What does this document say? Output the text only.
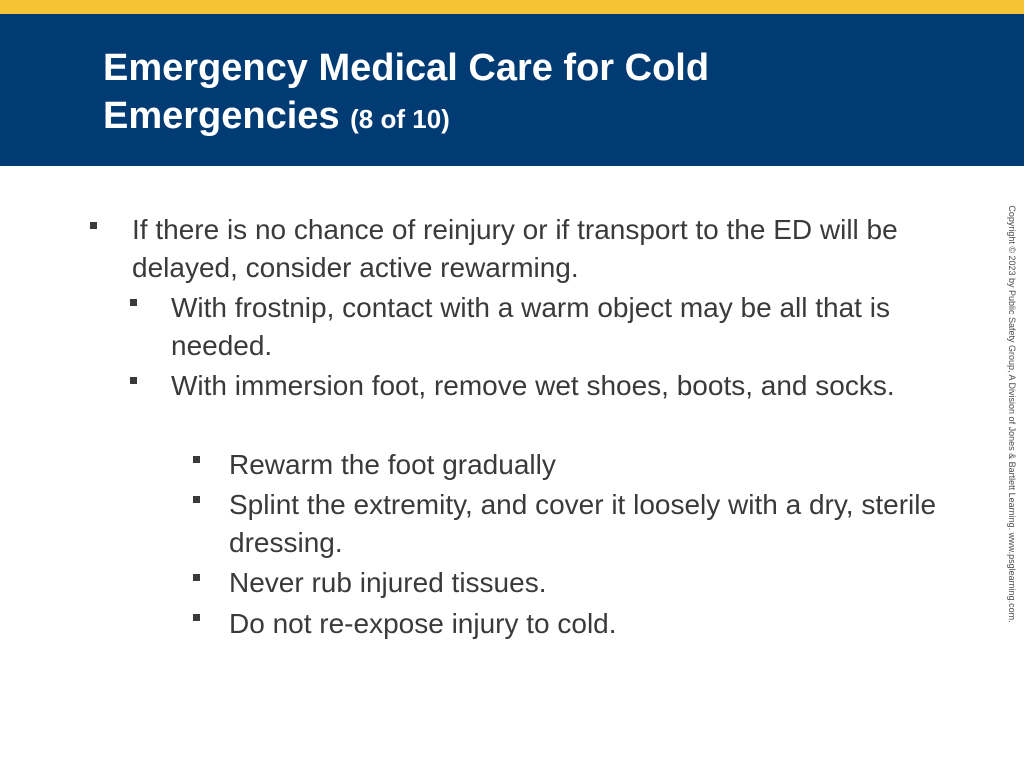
Emergency Medical Care for Cold Emergencies (8 of 10)
If there is no chance of reinjury or if transport to the ED will be delayed, consider active rewarming.
With frostnip, contact with a warm object may be all that is needed.
With immersion foot, remove wet shoes, boots, and socks.
Rewarm the foot gradually
Splint the extremity, and cover it loosely with a dry, sterile dressing.
Never rub injured tissues.
Do not re-expose injury to cold.
Copyright © 2023 by Public Safety Group, A Division of Jones & Bartlett Learning. www.psglearning.com.
